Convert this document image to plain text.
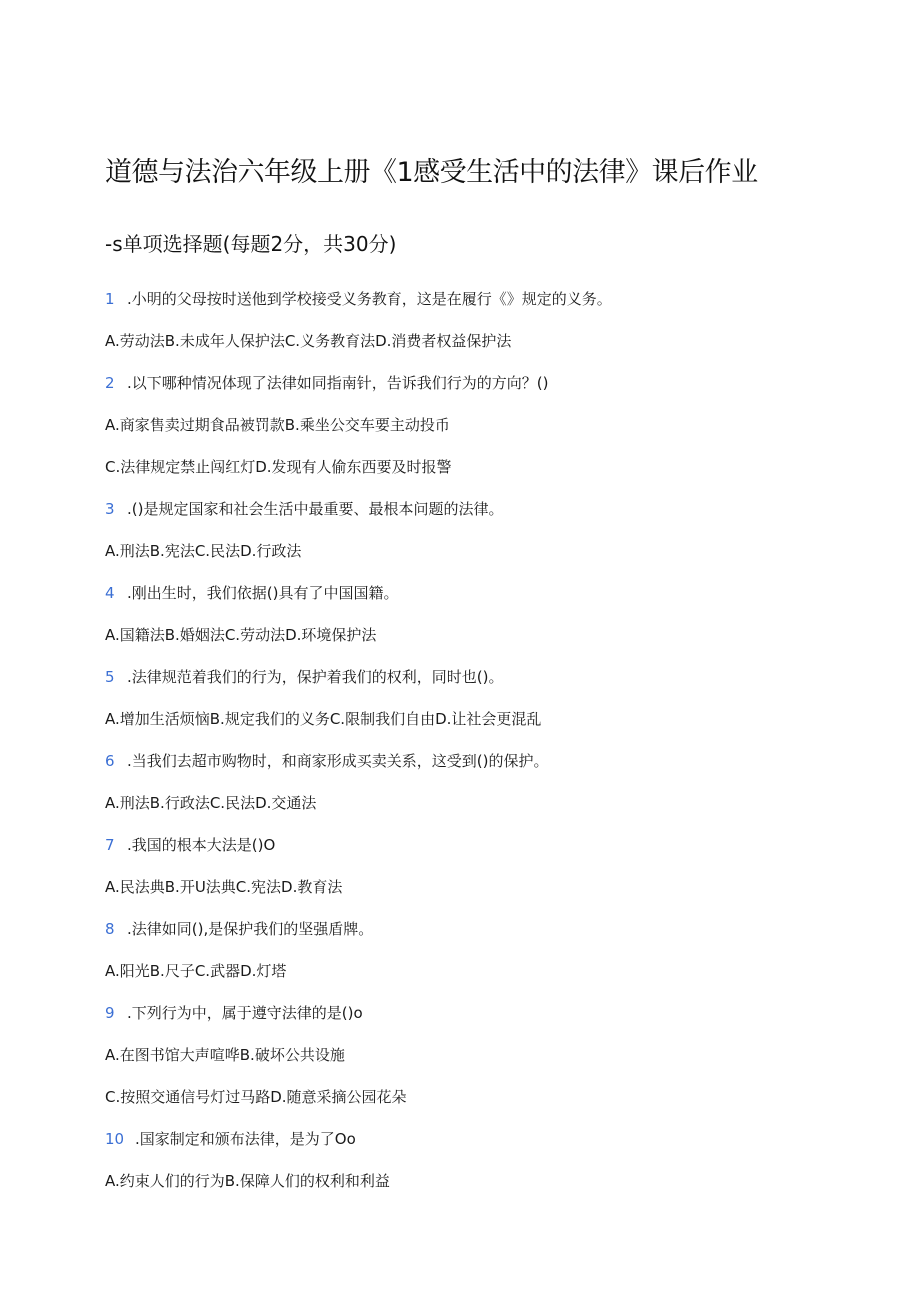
道德与法治六年级上册《1感受生活中的法律》课后作业
-s单项选择题(每题2分，共30分)
1 .小明的父母按时送他到学校接受义务教育，这是在履行《》规定的义务。
A.劳动法B.未成年人保护法C.义务教育法D.消费者权益保护法
2 .以下哪种情况体现了法律如同指南针，告诉我们行为的方向？()
A.商家售卖过期食品被罚款B.乘坐公交车要主动投币
C.法律规定禁止闯红灯D.发现有人偷东西要及时报警
3 .()是规定国家和社会生活中最重要、最根本问题的法律。
A.刑法B.宪法C.民法D.行政法
4 .刚出生时，我们依据()具有了中国国籍。
A.国籍法B.婚姻法C.劳动法D.环境保护法
5 .法律规范着我们的行为，保护着我们的权利，同时也()。
A.增加生活烦恼B.规定我们的义务C.限制我们自由D.让社会更混乱
6 .当我们去超市购物时，和商家形成买卖关系，这受到()的保护。
A.刑法B.行政法C.民法D.交通法
7 .我国的根本大法是()O
A.民法典B.开U法典C.宪法D.教育法
8 .法律如同(),是保护我们的坚强盾牌。
A.阳光B.尺子C.武器D.灯塔
9 .下列行为中，属于遵守法律的是()o
A.在图书馆大声喧哗B.破坏公共设施
C.按照交通信号灯过马路D.随意采摘公园花朵
10 .国家制定和颁布法律，是为了Oo
A.约束人们的行为B.保障人们的权利和利益
